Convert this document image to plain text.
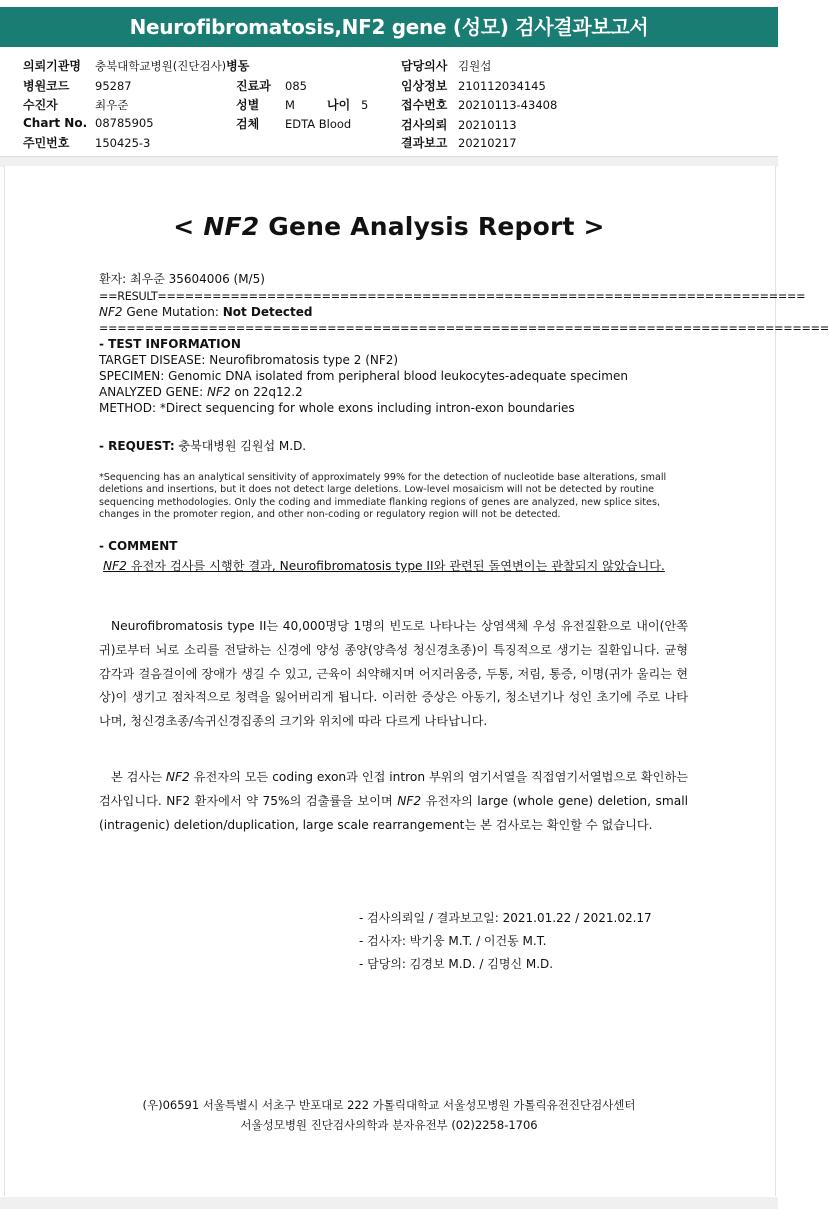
Neurofibromatosis,NF2 gene (성모) 검사결과보고서
의뢰기관명 충북대학교병원(진단검사)병동
병원코드 95287
수진자	최우준
Chart No. 08785905
주민번호 150425-3
진료과 085
성별 M	나이 5
검체 EDTA Blood
담당의사 김원섭
임상정보 210112034145
접수번호 20210113-43408
검사의뢰 20210113
결과보고 20210217
< NF2 Gene Analysis Report >
환자: 최우준 35604006 (M/5)
==RESULT=======================================================================
NF2 Gene Mutation: Not Detected
================================================================================
- TEST INFORMATION
TARGET DISEASE: Neurofibromatosis type 2 (NF2)
SPECIMEN: Genomic DNA isolated from peripheral blood leukocytes-adequate specimen
ANALYZED GENE: NF2 on 22q12.2
METHOD: *Direct sequencing for whole exons including intron-exon boundaries
- REQUEST: 충북대병원 김원섭 M.D.
*Sequencing has an analytical sensitivity of approximately 99% for the detection of nucleotide base alterations, small deletions and insertions, but it does not detect large deletions. Low-level mosaicism will not be detected by routine sequencing methodologies. Only the coding and immediate flanking regions of genes are analyzed, new splice sites, changes in the promoter region, and other non-coding or regulatory region will not be detected.
- COMMENT
NF2 유전자 검사를 시행한 결과, Neurofibromatosis type II와 관련된 돌연변이는 관찰되지 않았습니다.
Neurofibromatosis type II는 40,000명당 1명의 빈도로 나타나는 상염색체 우성 유전질환으로 내이(안쪽 귀)로부터 뇌로 소리를 전달하는 신경에 양성 종양(양측성 청신경초종)이 특징적으로 생기는 질환입니다. 균형 감각과 걸음걸이에 장애가 생길 수 있고, 근육이 쇠약해지며 어지러움증, 두통, 저림, 통증, 이명(귀가 울리는 현상)이 생기고 점차적으로 청력을 잃어버리게 됩니다. 이러한 증상은 아동기, 청소년기나 성인 초기에 주로 나타나며, 청신경초종/속귀신경집종의 크기와 위치에 따라 다르게 나타납니다.
본 검사는 NF2 유전자의 모든 coding exon과 인접 intron 부위의 염기서열을 직접염기서열법으로 확인하는 검사입니다. NF2 환자에서 약 75%의 검출률을 보이며 NF2 유전자의 large (whole gene) deletion, small (intragenic) deletion/duplication, large scale rearrangement는 본 검사로는 확인할 수 없습니다.
- 검사의뢰일 / 결과보고일: 2021.01.22 / 2021.02.17
- 검사자: 박기웅 M.T. / 이건동 M.T.
- 담당의: 김경보 M.D. / 김명신 M.D.
(우)06591 서울특별시 서초구 반포대로 222 가톨릭대학교 서울성모병원 가톨릭유전진단검사센터
서울성모병원 진단검사의학과 분자유전부 (02)2258-1706
